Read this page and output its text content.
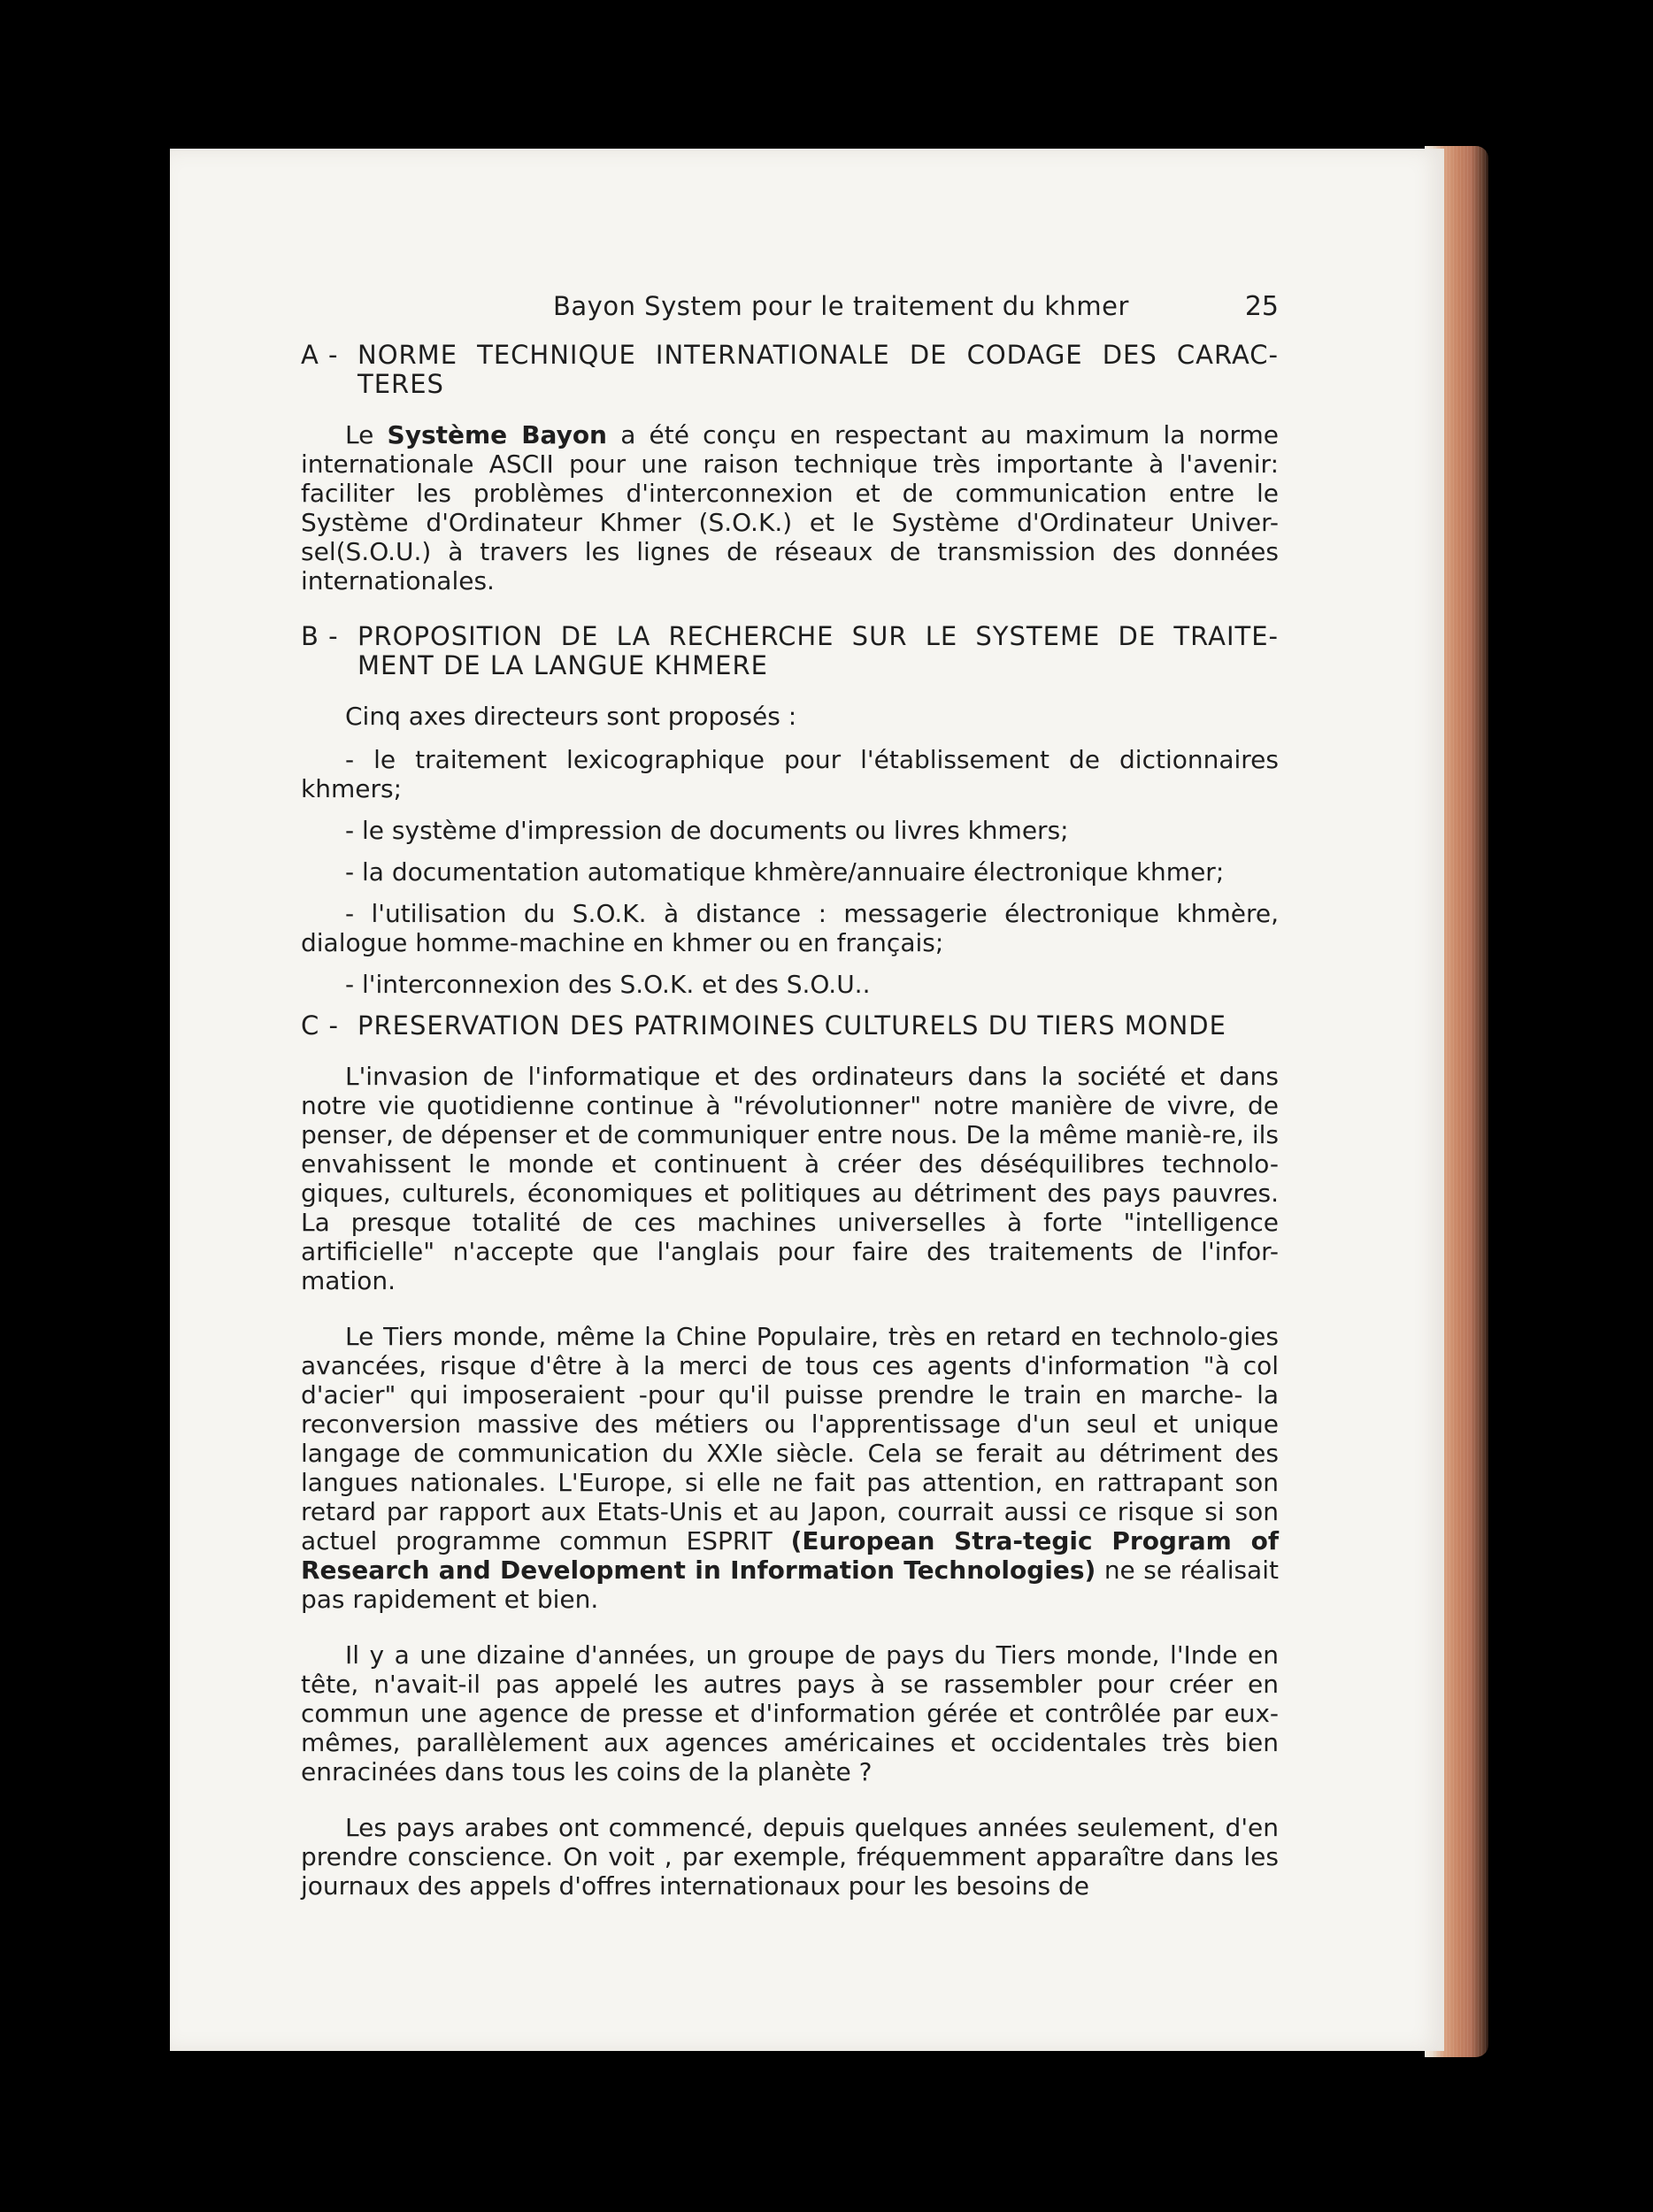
Bayon System pour le traitement du khmer	25
A - NORME TECHNIQUE INTERNATIONALE DE CODAGE DES CARAC-TERES

Le Système Bayon a été conçu en respectant au maximum la norme internationale ASCII pour une raison technique très importante à l'avenir: faciliter les problèmes d'interconnexion et de communication entre le Système d'Ordinateur Khmer (S.O.K.) et le Système d'Ordinateur Univer-sel(S.O.U.) à travers les lignes de réseaux de transmission des données internationales.

B - PROPOSITION DE LA RECHERCHE SUR LE SYSTEME DE TRAITE-MENT DE LA LANGUE KHMERE

Cinq axes directeurs sont proposés :

- le traitement lexicographique pour l'établissement de dictionnaires khmers;
- le système d'impression de documents ou livres khmers;
- la documentation automatique khmère/annuaire électronique khmer;
- l'utilisation du S.O.K. à distance : messagerie électronique khmère, dialogue homme-machine en khmer ou en français;
- l'interconnexion des S.O.K. et des S.O.U..
C - PRESERVATION DES PATRIMOINES CULTURELS DU TIERS MONDE

L'invasion de l'informatique et des ordinateurs dans la société et dans notre vie quotidienne continue à "révolutionner" notre manière de vivre, de penser, de dépenser et de communiquer entre nous. De la même maniè-re, ils envahissent le monde et continuent à créer des déséquilibres technolo-giques, culturels, économiques et politiques au détriment des pays pauvres. La presque totalité de ces machines universelles à forte "intelligence artificielle" n'accepte que l'anglais pour faire des traitements de l'infor-mation.

Le Tiers monde, même la Chine Populaire, très en retard en technolo-gies avancées, risque d'être à la merci de tous ces agents d'information "à col d'acier" qui imposeraient -pour qu'il puisse prendre le train en marche- la reconversion massive des métiers ou l'apprentissage d'un seul et unique langage de communication du XXIe siècle. Cela se ferait au détriment des langues nationales. L'Europe, si elle ne fait pas attention, en rattrapant son retard par rapport aux Etats-Unis et au Japon, courrait aussi ce risque si son actuel programme commun ESPRIT (European Stra-tegic Program of Research and Development in Information Technologies) ne se réalisait pas rapidement et bien.

Il y a une dizaine d'années, un groupe de pays du Tiers monde, l'Inde en tête, n'avait-il pas appelé les autres pays à se rassembler pour créer en commun une agence de presse et d'information gérée et contrôlée par eux-mêmes, parallèlement aux agences américaines et occidentales très bien enracinées dans tous les coins de la planète ?

Les pays arabes ont commencé, depuis quelques années seulement, d'en prendre conscience. On voit , par exemple, fréquemment apparaître dans les journaux des appels d'offres internationaux pour les besoins de
